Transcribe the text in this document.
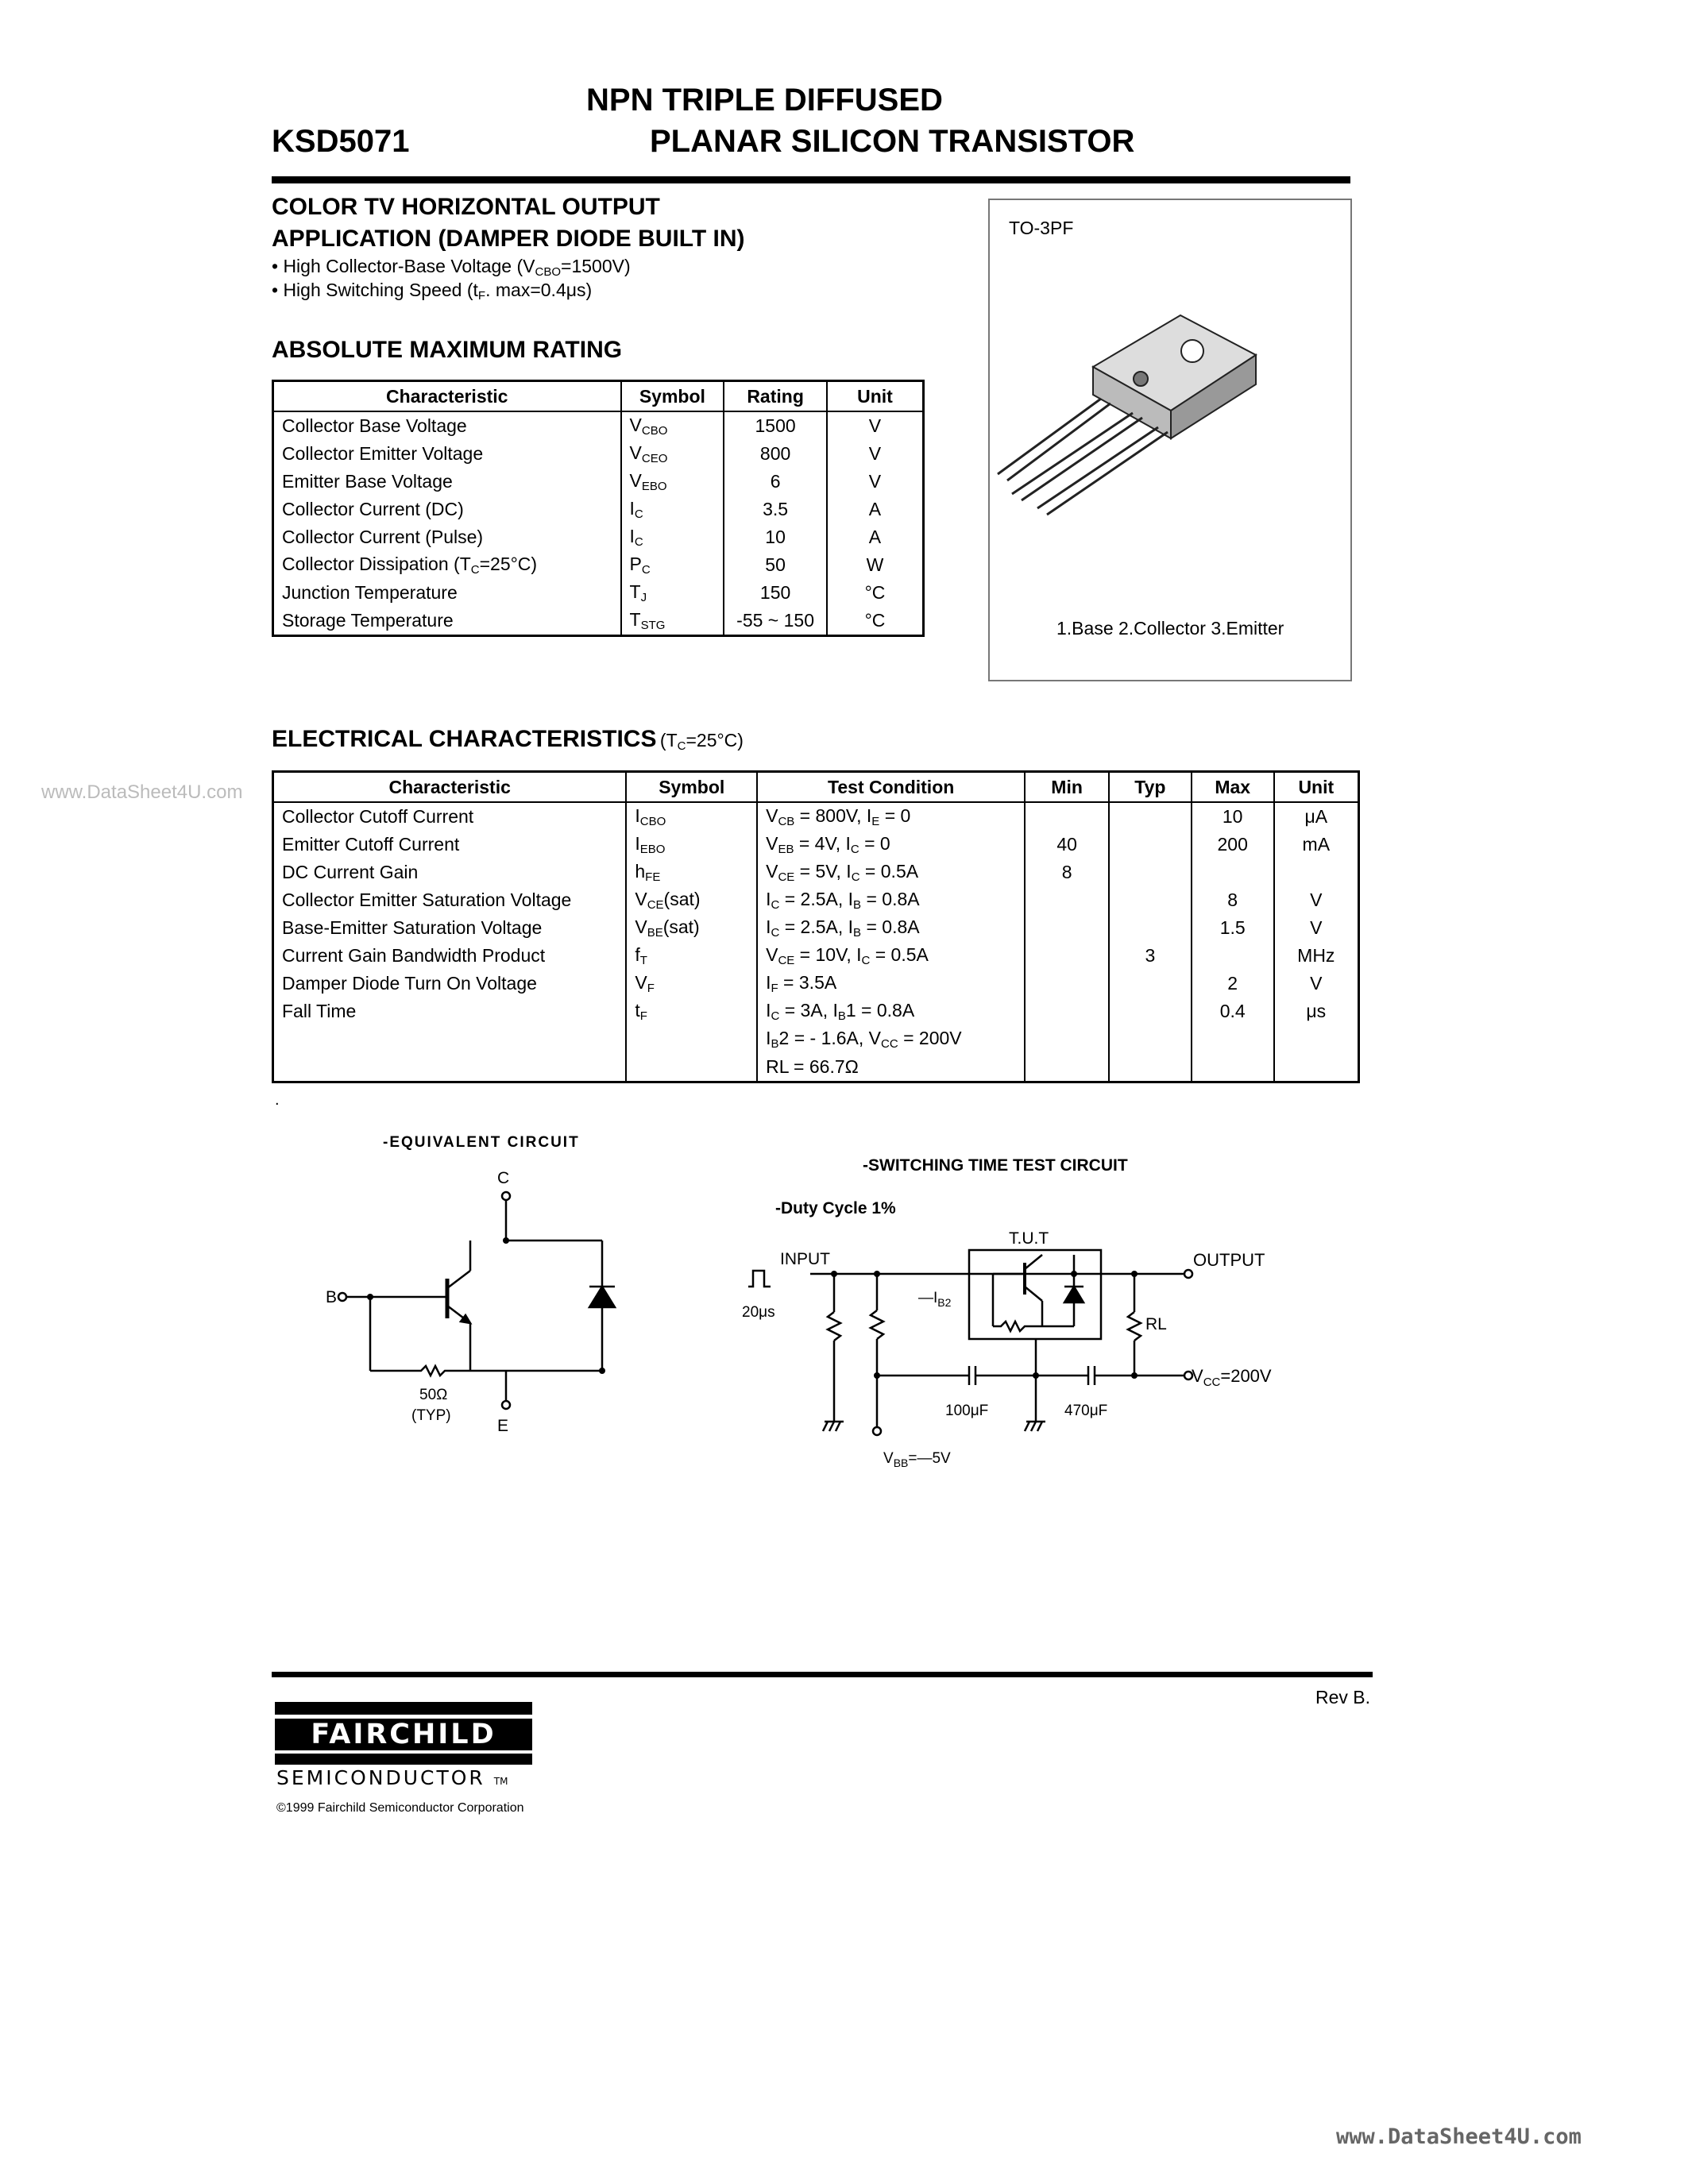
NPN TRIPLE DIFFUSED
KSD5071	PLANAR SILICON TRANSISTOR
COLOR TV HORIZONTAL OUTPUT
APPLICATION (DAMPER DIODE BUILT IN)
• High Collector-Base Voltage $(V_{CBO}=1500V)$
• High Switching Speed ($t_F$. max=0.4μs)
ABSOLUTE MAXIMUM RATING
Characteristic	Symbol	Rating	Unit
Collector Base Voltage	$V_{CBO}$	1500	V
Collector Emitter Voltage	$V_{CEO}$	800	V
Emitter Base Voltage	$V_{EBO}$	6	V
Collector Current (DC)	$I_C$	3.5	A
Collector Current (Pulse)	$I_C$	10	A
Collector Dissipation $(T_C=25^\circ C)$	$P_C$	50	W
Junction Temperature	$T_J$	150	°C
Storage Temperature	$T_{STG}$	-55 ~ 150	°C
TO-3PF
1.Base 2.Collector 3.Emitter
ELECTRICAL CHARACTERISTICS $(T_C=25^\circ C)$
www.DataSheet4U.com	Characteristic	Symbol	Test Condition	Min	Typ	Max	Unit
Collector Cutoff Current	$I_{CBO}$	$V_{CB} = 800V$, $I_E = 0$			10	μA
Emitter Cutoff Current	$I_{EBO}$	$V_{EB} = 4V$, $I_C = 0$	40		200	mA
DC Current Gain	$h_{FE}$	$V_{CE} = 5V$, $I_C = 0.5A$	8			
Collector Emitter Saturation Voltage	$V_{CE}(sat)$	$I_C = 2.5A$, $I_B = 0.8A$			8	V
Base-Emitter Saturation Voltage	$V_{BE}(sat)$	$I_C = 2.5A$, $I_B = 0.8A$			1.5	V
Current Gain Bandwidth Product	$f_T$	$V_{CE} = 10V$, $I_C = 0.5A$		3		MHz
Damper Diode Turn On Voltage	$V_F$	$I_F = 3.5A$			2	V
Fall Time	$t_F$	$I_C = 3A$, $I_B1 = 0.8A$			0.4	μs
		$I_B2$ = - 1.6A, $V_{CC} = 200V$				
		RL = 66.7Ω				
.
-EQUIVALENT CIRCUIT
C
B
E
50Ω
(TYP)
-SWITCHING TIME TEST CIRCUIT
-Duty Cycle 1%
T.U.T
INPUT	OUTPUT
20μs
$—I_{B2}$
RL
$V_{CC}=200V$
100μF	470μF
$V_{BB}=—5V$
Rev B.
FAIRCHILD
SEMICONDUCTOR TM
©1999 Fairchild Semiconductor Corporation
www.DataSheet4U.com
